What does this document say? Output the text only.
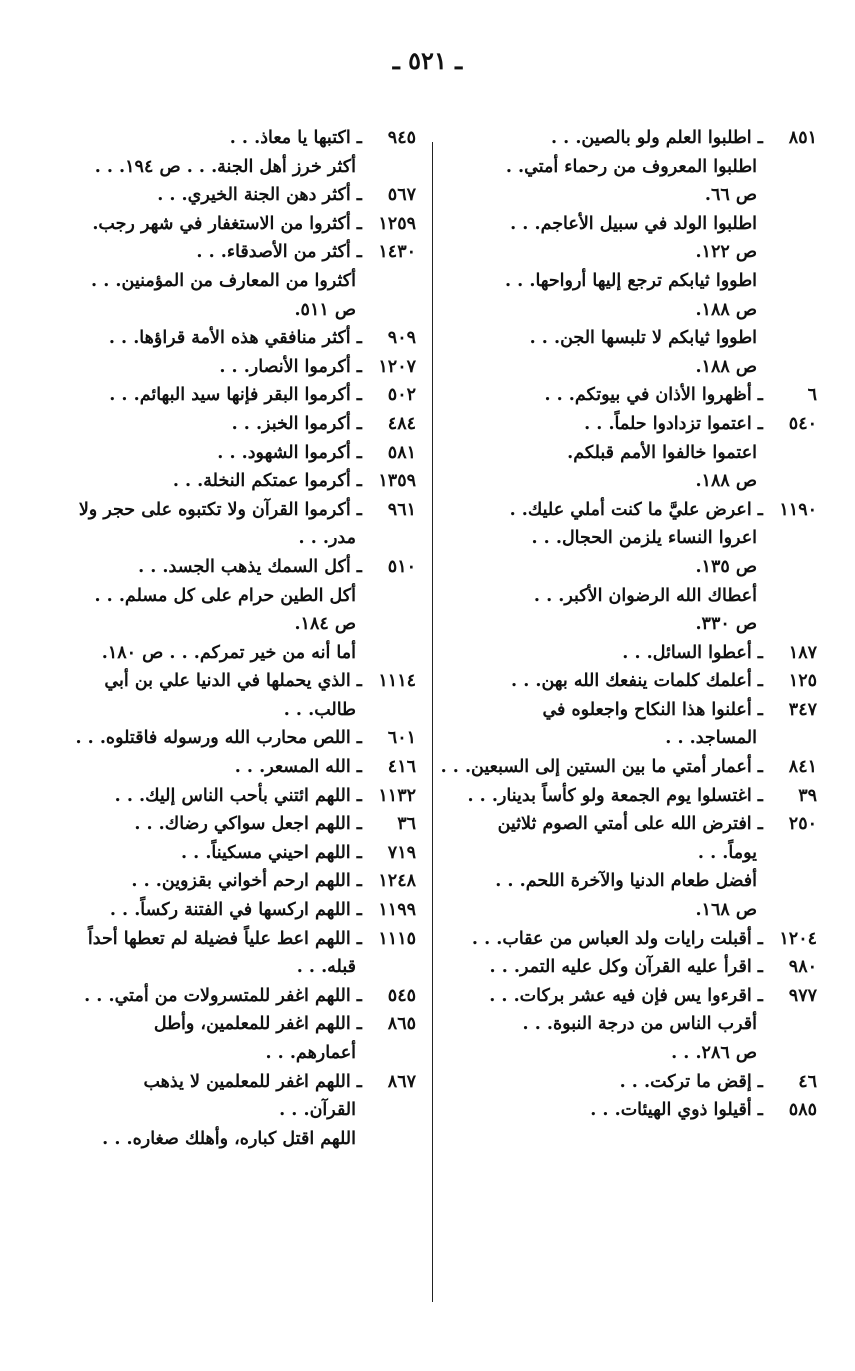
ـ ٥٢١ ـ
٨٥١ ـ اطلبوا العلم ولو بالصين. . .
اطلبوا المعروف من رحماء أمتي. .
ص ٦٦.
اطلبوا الولد في سبيل الأعاجم. . .
ص ١٢٢.
اطووا ثيابكم ترجع إليها أرواحها. . .
ص ١٨٨.
اطووا ثيابكم لا تلبسها الجن. . .
ص ١٨٨.
٦ ـ أظهروا الأذان في بيوتكم. . .
٥٤٠ ـ اعتموا تزدادوا حلماً. . .
اعتموا خالفوا الأمم قبلكم.
ص ١٨٨.
١١٩٠ ـ اعرض عليَّ ما كنت أملي عليك. .
اعروا النساء يلزمن الحجال. . .
ص ١٣٥.
أعطاك الله الرضوان الأكبر. . .
ص ٣٣٠.
١٨٧ ـ أعطوا السائل. . .
١٢٥ ـ أعلمك كلمات ينفعك الله بهن. . .
٣٤٧ ـ أعلنوا هذا النكاح واجعلوه في
المساجد. . .
٨٤١ ـ أعمار أمتي ما بين الستين إلى السبعين. . .
٣٩ ـ اغتسلوا يوم الجمعة ولو كأساً بدينار. . .
٢٥٠ ـ افترض الله على أمتي الصوم ثلاثين
يوماً. . .
أفضل طعام الدنيا والآخرة اللحم. . .
ص ١٦٨.
١٢٠٤ ـ أقبلت رايات ولد العباس من عقاب. . .
٩٨٠ ـ اقرأ عليه القرآن وكل عليه التمر. . .
٩٧٧ ـ اقرءوا يس فإن فيه عشر بركات. . .
أقرب الناس من درجة النبوة. . .
ص ٢٨٦. . .
٤٦ ـ إقض ما تركت. . .
٥٨٥ ـ أقيلوا ذوي الهيئات. . .
٩٤٥ ـ اكتبها يا معاذ. . .
أكثر خرز أهل الجنة. . . ص ١٩٤. . .
٥٦٧ ـ أكثر دهن الجنة الخيري. . .
١٢٥٩ ـ أكثروا من الاستغفار في شهر رجب.
١٤٣٠ ـ أكثر من الأصدقاء. . .
أكثروا من المعارف من المؤمنين. . .
ص ٥١١.
٩٠٩ ـ أكثر منافقي هذه الأمة قراؤها. . .
١٢٠٧ ـ أكرموا الأنصار. . .
٥٠٢ ـ أكرموا البقر فإنها سيد البهائم. . .
٤٨٤ ـ أكرموا الخبز. . .
٥٨١ ـ أكرموا الشهود. . .
١٣٥٩ ـ أكرموا عمتكم النخلة. . .
٩٦١ ـ أكرموا القرآن ولا تكتبوه على حجر ولا
مدر. . .
٥١٠ ـ أكل السمك يذهب الجسد. . .
أكل الطين حرام على كل مسلم. . .
ص ١٨٤.
أما أنه من خير تمركم. . . ص ١٨٠.
١١١٤ ـ الذي يحملها في الدنيا علي بن أبي
طالب. . .
٦٠١ ـ اللص محارب الله ورسوله فاقتلوه. . .
٤١٦ ـ الله المسعر. . .
١١٣٢ ـ اللهم ائتني بأحب الناس إليك. . .
٣٦ ـ اللهم اجعل سواكي رضاك. . .
٧١٩ ـ اللهم احيني مسكيناً. . .
١٢٤٨ ـ اللهم ارحم أخواني بقزوين. . .
١١٩٩ ـ اللهم اركسها في الفتنة ركساً. . .
١١١٥ ـ اللهم اعط علياً فضيلة لم تعطها أحداً
قبله. . .
٥٤٥ ـ اللهم اغفر للمتسرولات من أمتي. . .
٨٦٥ ـ اللهم اغفر للمعلمين، وأطل
أعمارهم. . .
٨٦٧ ـ اللهم اغفر للمعلمين لا يذهب
القرآن. . .
اللهم اقتل كباره، وأهلك صغاره. . .
